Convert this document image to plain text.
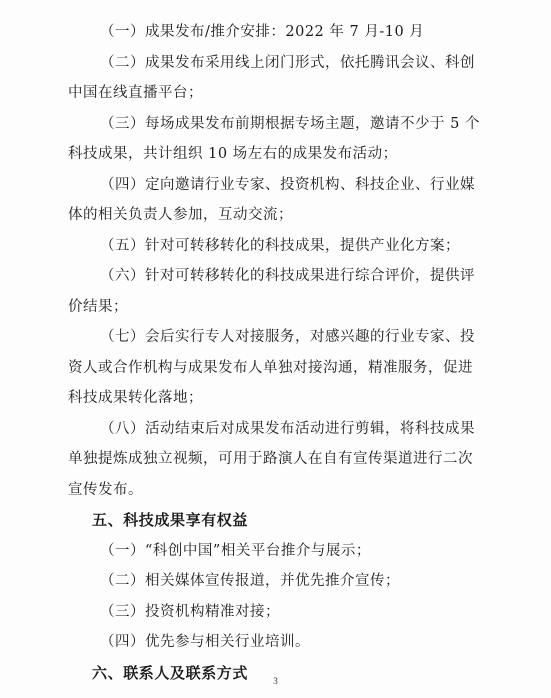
（一）成果发布/推介安排：2022 年 7 月-10 月
（二）成果发布采用线上闭门形式，依托腾讯会议、科创
中国在线直播平台；
（三）每场成果发布前期根据专场主题，邀请不少于 5 个
科技成果，共计组织 10 场左右的成果发布活动；
（四）定向邀请行业专家、投资机构、科技企业、行业媒
体的相关负责人参加，互动交流；
（五）针对可转移转化的科技成果，提供产业化方案；
（六）针对可转移转化的科技成果进行综合评价，提供评
价结果；
（七）会后实行专人对接服务，对感兴趣的行业专家、投
资人或合作机构与成果发布人单独对接沟通，精准服务，促进
科技成果转化落地；
（八）活动结束后对成果发布活动进行剪辑，将科技成果
单独提炼成独立视频，可用于路演人在自有宣传渠道进行二次
宣传发布。
五、科技成果享有权益
（一）“科创中国”相关平台推介与展示；
（二）相关媒体宣传报道，并优先推介宣传；
（三）投资机构精准对接；
（四）优先参与相关行业培训。
六、联系人及联系方式	3
